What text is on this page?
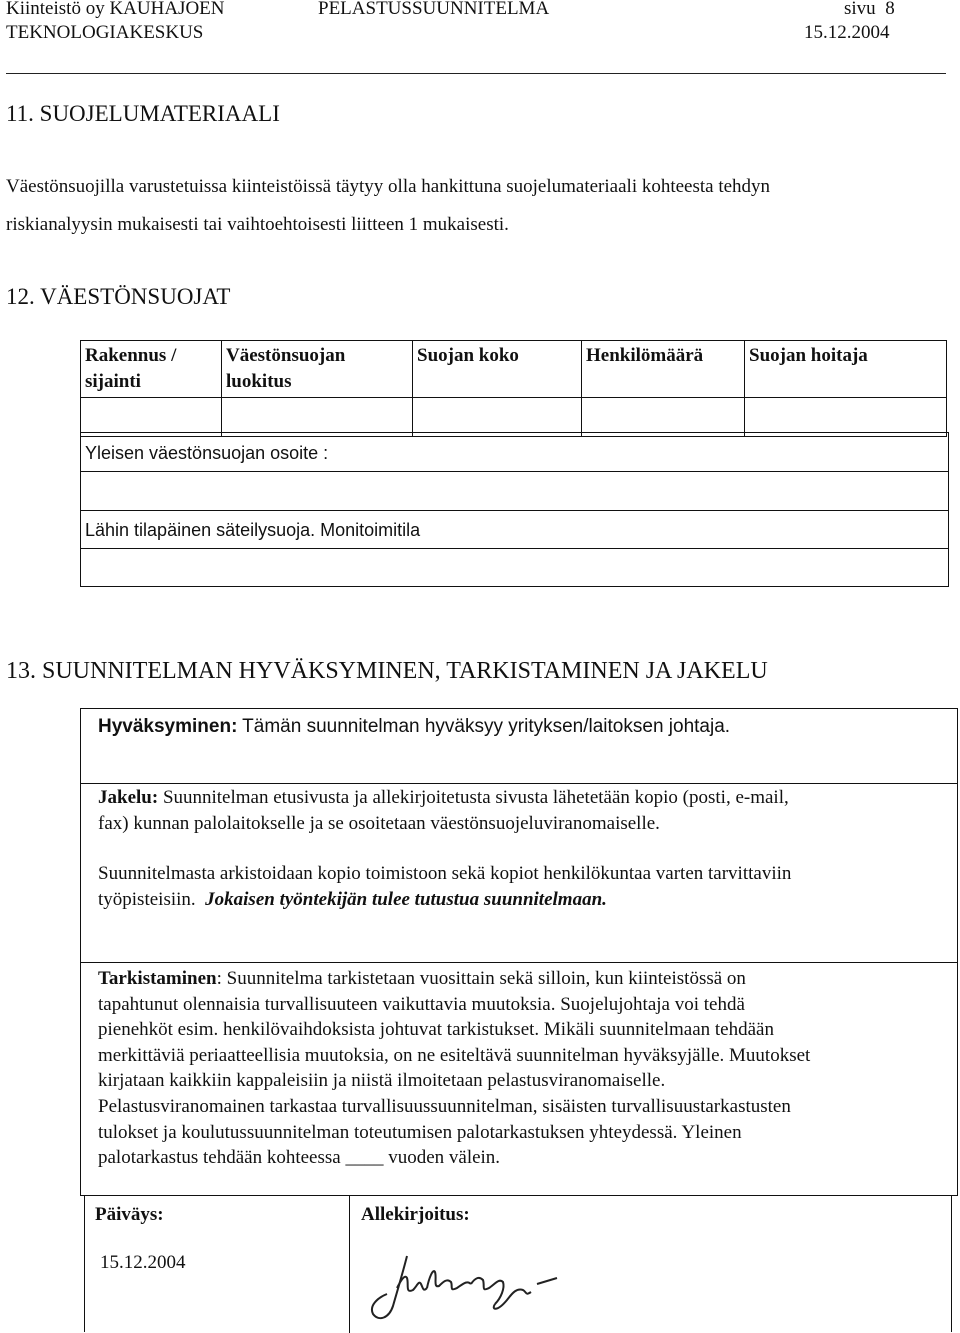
Kiinteistö oy KAUHAJOEN
TEKNOLOGIAKESKUS
PELASTUSSUUNNITELMA	sivu 8
15.12.2004
11. SUOJELUMATERIAALI
Väestönsuojilla varustetuissa kiinteistöissä täytyy olla hankittuna suojelumateriaali kohteesta tehdyn
riskianalyysin mukaisesti tai vaihtoehtoisesti liitteen 1 mukaisesti.
12. VÄESTÖNSUOJAT
Rakennus / sijainti	Väestönsuojan luokitus	Suojan koko	Henkilömäärä	Suojan hoitaja

Yleisen väestönsuojan osoite :
Lähin tilapäinen säteilysuoja. Monitoimitila
13. SUUNNITELMAN HYVÄKSYMINEN, TARKISTAMINEN JA JAKELU
Hyväksyminen: Tämän suunnitelman hyväksyy yrityksen/laitoksen johtaja.
Jakelu: Suunnitelman etusivusta ja allekirjoitetusta sivusta lähetetään kopio (posti, e-mail,
fax) kunnan palolaitokselle ja se osoitetaan väestönsuojeluviranomaiselle.
Suunnitelmasta arkistoidaan kopio toimistoon sekä kopiot henkilökuntaa varten tarvittaviin
työpisteisiin. Jokaisen työntekijän tulee tutustua suunnitelmaan.
Tarkistaminen: Suunnitelma tarkistetaan vuosittain sekä silloin, kun kiinteistössä on
tapahtunut olennaisia turvallisuuteen vaikuttavia muutoksia. Suojelujohtaja voi tehdä
pienehköt esim. henkilövaihdoksista johtuvat tarkistukset. Mikäli suunnitelmaan tehdään
merkittäviä periaatteellisia muutoksia, on ne esiteltävä suunnitelman hyväksyjälle. Muutokset
kirjataan kaikkiin kappaleisiin ja niistä ilmoitetaan pelastusviranomaiselle.
Pelastusviranomainen tarkastaa turvallisuussuunnitelman, sisäisten turvallisuustarkastusten
tulokset ja koulutussuunnitelman toteutumisen palotarkastuksen yhteydessä. Yleinen
palotarkastus tehdään kohteessa ____ vuoden välein.
Päiväys:
15.12.2004
Allekirjoitus:
